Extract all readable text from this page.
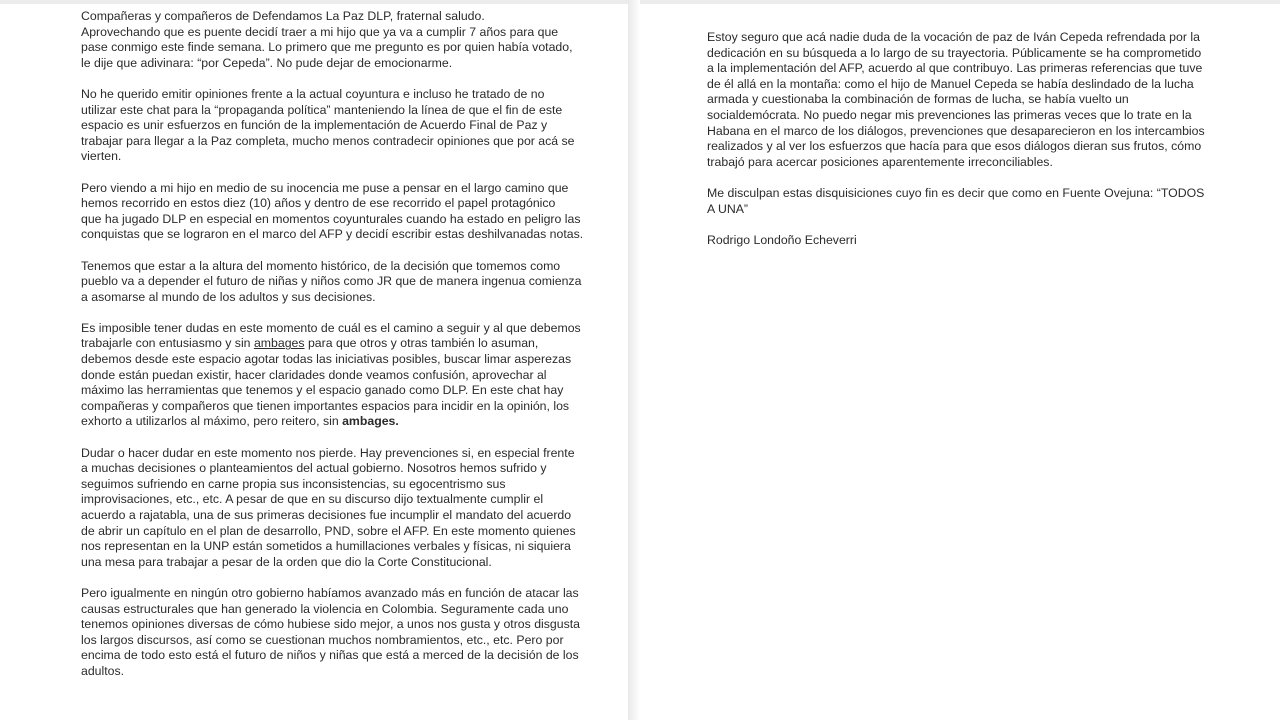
Compañeras y compañeros de Defendamos La Paz DLP, fraternal saludo.
Aprovechando que es puente decidí traer a mi hijo que ya va a cumplir 7 años para que
pase conmigo este finde semana. Lo primero que me pregunto es por quien había votado,
le dije que adivinara: “por Cepeda”. No pude dejar de emocionarme.
No he querido emitir opiniones frente a la actual coyuntura e incluso he tratado de no
utilizar este chat para la “propaganda política” manteniendo la línea de que el fin de este
espacio es unir esfuerzos en función de la implementación de Acuerdo Final de Paz y
trabajar para llegar a la Paz completa, mucho menos contradecir opiniones que por acá se
vierten.
Pero viendo a mi hijo en medio de su inocencia me puse a pensar en el largo camino que
hemos recorrido en estos diez (10) años y dentro de ese recorrido el papel protagónico
que ha jugado DLP en especial en momentos coyunturales cuando ha estado en peligro las
conquistas que se lograron en el marco del AFP y decidí escribir estas deshilvanadas notas.
Tenemos que estar a la altura del momento histórico, de la decisión que tomemos como
pueblo va a depender el futuro de niñas y niños como JR que de manera ingenua comienza
a asomarse al mundo de los adultos y sus decisiones.
Es imposible tener dudas en este momento de cuál es el camino a seguir y al que debemos
trabajarle con entusiasmo y sin ambages para que otros y otras también lo asuman,
debemos desde este espacio agotar todas las iniciativas posibles, buscar limar asperezas
donde están puedan existir, hacer claridades donde veamos confusión, aprovechar al
máximo las herramientas que tenemos y el espacio ganado como DLP. En este chat hay
compañeras y compañeros que tienen importantes espacios para incidir en la opinión, los
exhorto a utilizarlos al máximo, pero reitero, sin ambages.
Dudar o hacer dudar en este momento nos pierde. Hay prevenciones si, en especial frente
a muchas decisiones o planteamientos del actual gobierno. Nosotros hemos sufrido y
seguimos sufriendo en carne propia sus inconsistencias, su egocentrismo sus
improvisaciones, etc., etc. A pesar de que en su discurso dijo textualmente cumplir el
acuerdo a rajatabla, una de sus primeras decisiones fue incumplir el mandato del acuerdo
de abrir un capítulo en el plan de desarrollo, PND, sobre el AFP. En este momento quienes
nos representan en la UNP están sometidos a humillaciones verbales y físicas, ni siquiera
una mesa para trabajar a pesar de la orden que dio la Corte Constitucional.
Pero igualmente en ningún otro gobierno habíamos avanzado más en función de atacar las
causas estructurales que han generado la violencia en Colombia. Seguramente cada uno
tenemos opiniones diversas de cómo hubiese sido mejor, a unos nos gusta y otros disgusta
los largos discursos, así como se cuestionan muchos nombramientos, etc., etc. Pero por
encima de todo esto está el futuro de niños y niñas que está a merced de la decisión de los
adultos.
Estoy seguro que acá nadie duda de la vocación de paz de Iván Cepeda refrendada por la
dedicación en su búsqueda a lo largo de su trayectoria. Públicamente se ha comprometido
a la implementación del AFP, acuerdo al que contribuyo. Las primeras referencias que tuve
de él allá en la montaña: como el hijo de Manuel Cepeda se había deslindado de la lucha
armada y cuestionaba la combinación de formas de lucha, se había vuelto un
socialdemócrata. No puedo negar mis prevenciones las primeras veces que lo trate en la
Habana en el marco de los diálogos, prevenciones que desaparecieron en los intercambios
realizados y al ver los esfuerzos que hacía para que esos diálogos dieran sus frutos, cómo
trabajó para acercar posiciones aparentemente irreconciliables.
Me disculpan estas disquisiciones cuyo fin es decir que como en Fuente Ovejuna: “TODOS
A UNA”
Rodrigo Londoño Echeverri
